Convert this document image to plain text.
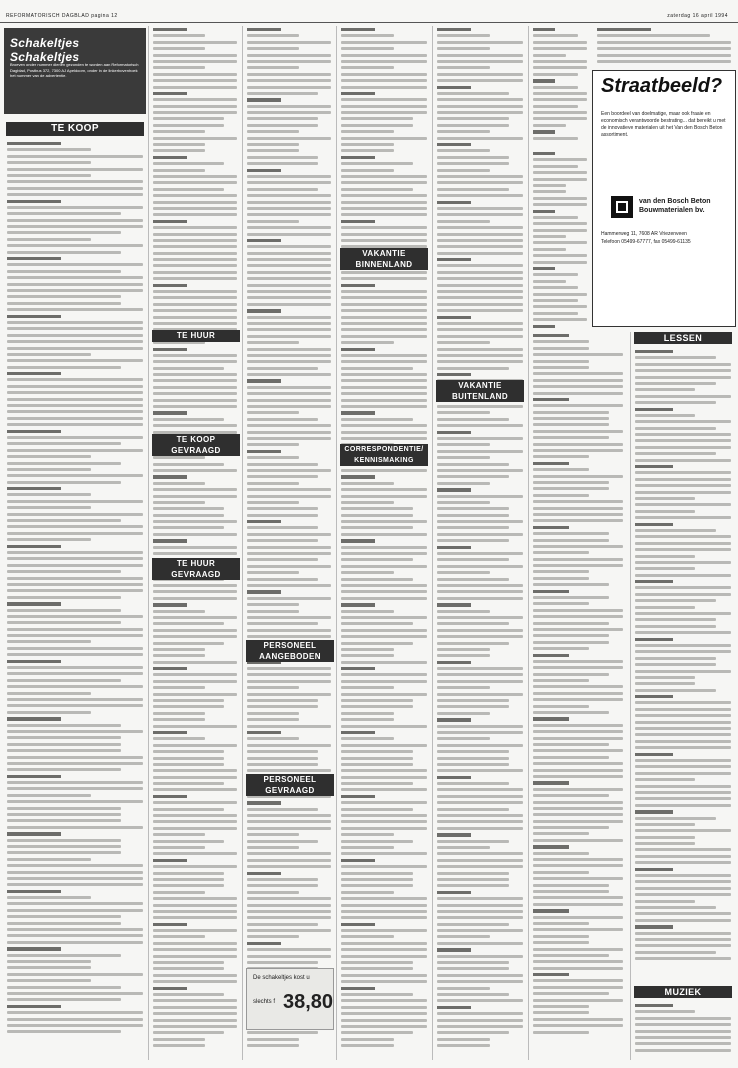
REFORMATORISCH DAGBLAD pagina 12	zaterdag 16 april 1994
Schakeltjes Schakeltjes
Broeven onder nummer dienen gezonden te worden aan Reformatorisch Dagblad, Postbus 372, 7300 AJ Apeldoorn, onder in de linkerbovenhoek het nummer van de advertentie.
TE KOOP
TE HUUR
TE KOOP GEVRAAGD
TE HUUR GEVRAAGD
PERSONEEL AANGEBODEN
PERSONEEL GEVRAAGD
VAKANTIE BINNENLAND
CORRESPONDENTIE/ KENNISMAKING
De schakeltjes kost u
slechts f 38,80
VAKANTIE BUITENLAND
Straatbeeld?
Een boordeel van doelmatige, maar ook fraaie en economisch verantwoorde bestrating... dat bereikt u met de innovatieve materialen uit het Van den Bosch Beton assortiment.
van den Bosch Beton Bouwmaterialen bv.
Hammerweg 11, 7608 AR Vriezenveen
Telefoon 05499-67777, fax 05499-61135
LESSEN
MUZIEK
